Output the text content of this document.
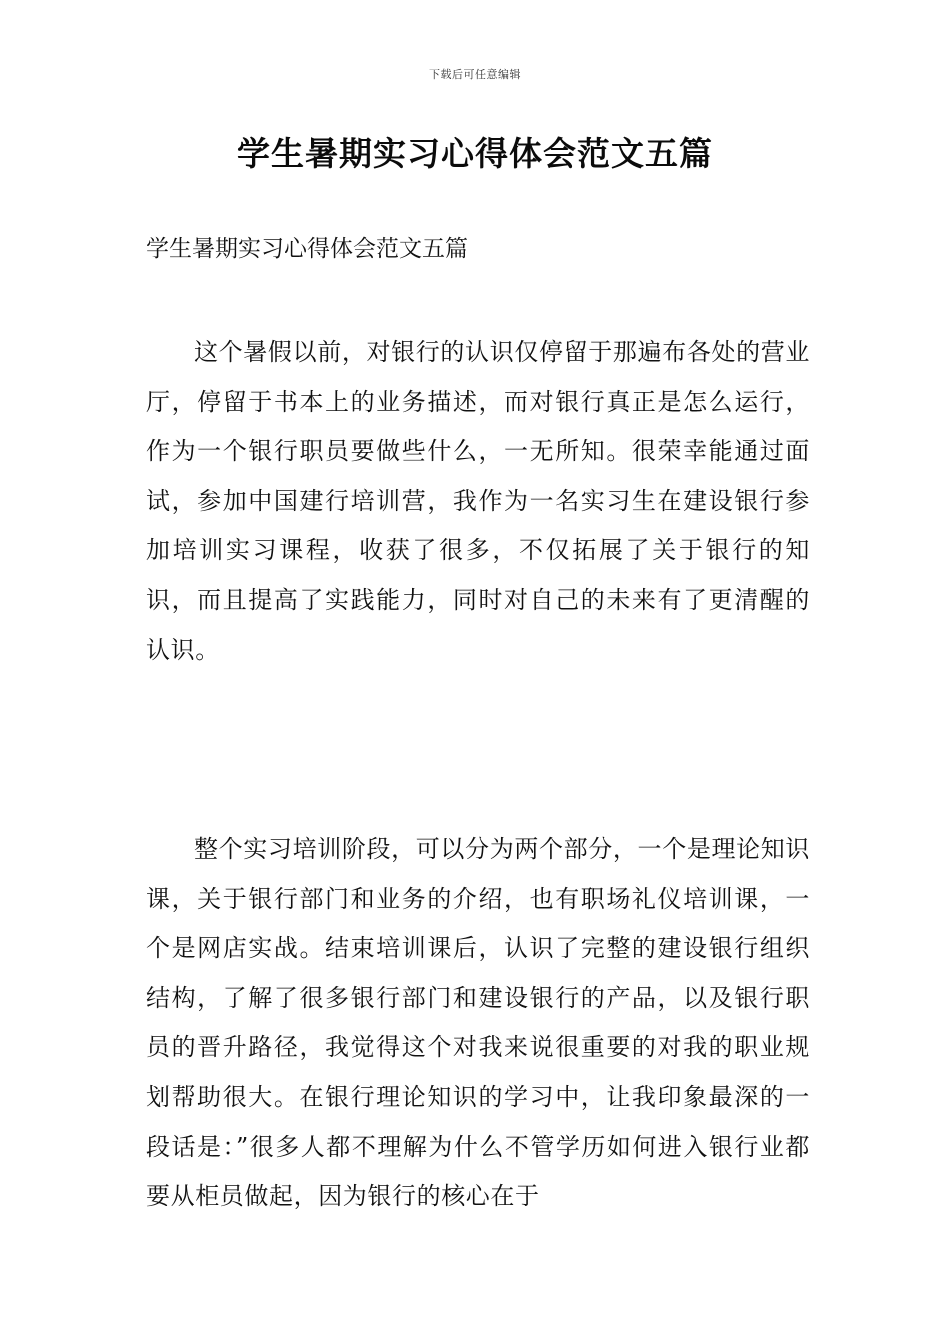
下载后可任意编辑
学生暑期实习心得体会范文五篇
学生暑期实习心得体会范文五篇

这个暑假以前，对银行的认识仅停留于那遍布各处的营业厅，停留于书本上的业务描述，而对银行真正是怎么运行，作为一个银行职员要做些什么，一无所知。很荣幸能通过面试，参加中国建行培训营，我作为一名实习生在建设银行参加培训实习课程，收获了很多，不仅拓展了关于银行的知识，而且提高了实践能力，同时对自己的未来有了更清醒的认识。

整个实习培训阶段，可以分为两个部分，一个是理论知识课，关于银行部门和业务的介绍，也有职场礼仪培训课，一个是网店实战。结束培训课后，认识了完整的建设银行组织结构，了解了很多银行部门和建设银行的产品，以及银行职员的晋升路径，我觉得这个对我来说很重要的对我的职业规划帮助很大。在银行理论知识的学习中，让我印象最深的一段话是：”很多人都不理解为什么不管学历如何进入银行业都要从柜员做起，因为银行的核心在于
